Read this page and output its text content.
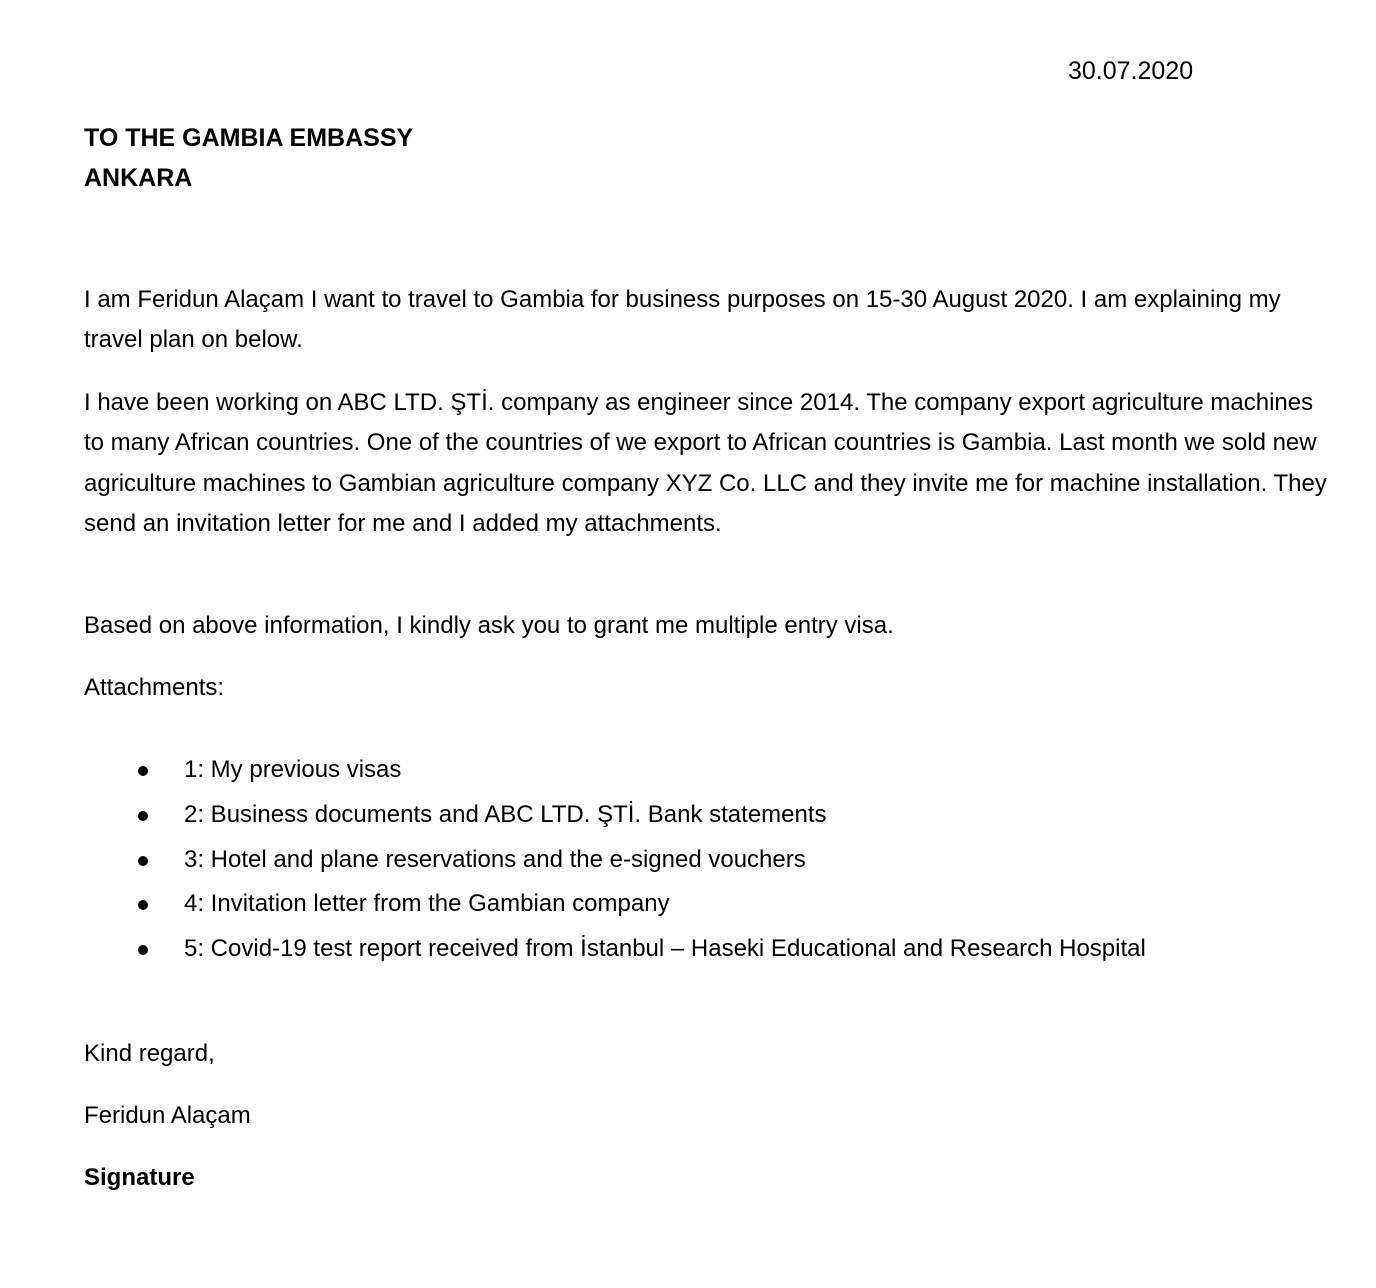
30.07.2020
TO THE GAMBIA EMBASSY
ANKARA

I am Feridun Alaçam I want to travel to Gambia for business purposes on 15-30 August 2020. I am explaining my travel plan on below.

I have been working on ABC LTD. ŞTİ. company as engineer since 2014. The company export agriculture machines to many African countries. One of the countries of we export to African countries is Gambia. Last month we sold new agriculture machines to Gambian agriculture company XYZ Co. LLC and they invite me for machine installation. They send an invitation letter for me and I added my attachments.

Based on above information, I kindly ask you to grant me multiple entry visa.

Attachments:

1: My previous visas
2: Business documents and ABC LTD. ŞTİ. Bank statements
3: Hotel and plane reservations and the e-signed vouchers
4: Invitation letter from the Gambian company
5: Covid-19 test report received from İstanbul – Haseki Educational and Research Hospital
Kind regard,
Feridun Alaçam
Signature
